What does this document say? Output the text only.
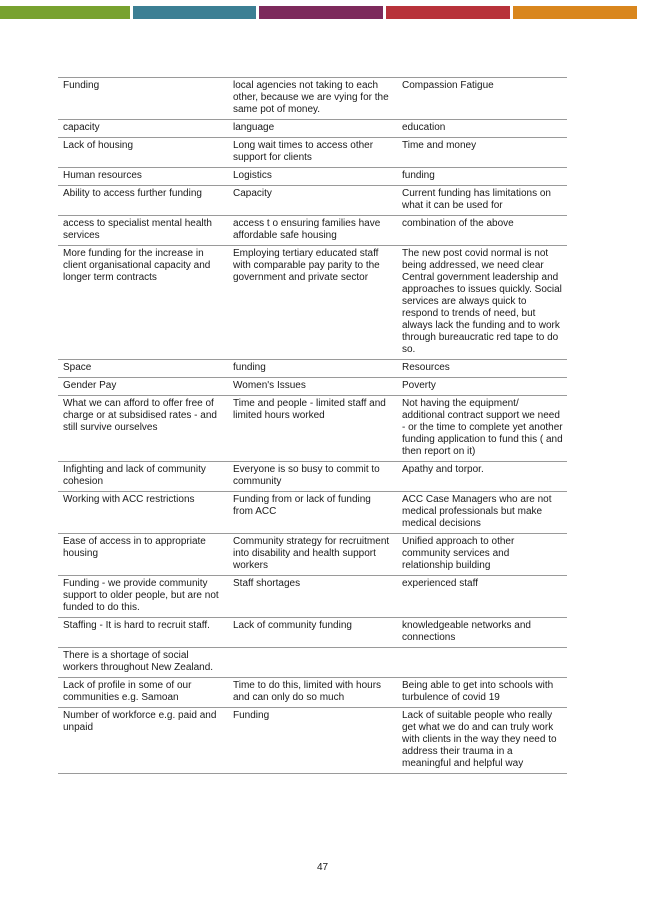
Funding	local agencies not taking to each other, because we are vying for the same pot of money.	Compassion Fatigue
capacity	language	education
Lack of housing	Long wait times to access other support for clients	Time and money
Human resources	Logistics	funding
Ability to access further funding	Capacity	Current funding has limitations on what it can be used for
access to specialist mental health services	access t o ensuring families have affordable safe housing	combination of the above
More funding for the increase in client organisational capacity and longer term contracts	Employing tertiary educated staff with comparable pay parity to the government and private sector	The new post covid normal is not being addressed, we need clear Central government leadership and approaches to issues quickly. Social services are always quick to respond to trends of need, but always lack the funding and to work through bureaucratic red tape to do so.
Space	funding	Resources
Gender Pay	Women's Issues	Poverty
What we can afford to offer free of charge or at subsidised rates - and still survive ourselves	Time and people - limited staff and limited hours worked	Not having the equipment/ additional contract support we need - or the time to complete yet another funding application to fund this ( and then report on it)
Infighting and lack of community cohesion	Everyone is so busy to commit to community	Apathy and torpor.
Working with ACC restrictions	Funding from or lack of funding from ACC	ACC Case Managers who are not medical professionals but make medical decisions
Ease of access in to appropriate housing	Community strategy for recruitment into disability and health support workers	Unified approach to other community services and relationship building
Funding - we provide community support to older people, but are not funded to do this.	Staff shortages	experienced staff
Staffing - It is hard to recruit staff.	Lack of community funding	knowledgeable networks and connections
There is a shortage of social workers throughout New Zealand.		
Lack of profile in some of our communities e.g. Samoan	Time to do this, limited with hours and can only do so much	Being able to get into schools with turbulence of covid 19
Number of workforce e.g. paid and unpaid	Funding	Lack of suitable people who really get what we do and can truly work with clients in the way they need to address their trauma in a meaningful and helpful way
47
